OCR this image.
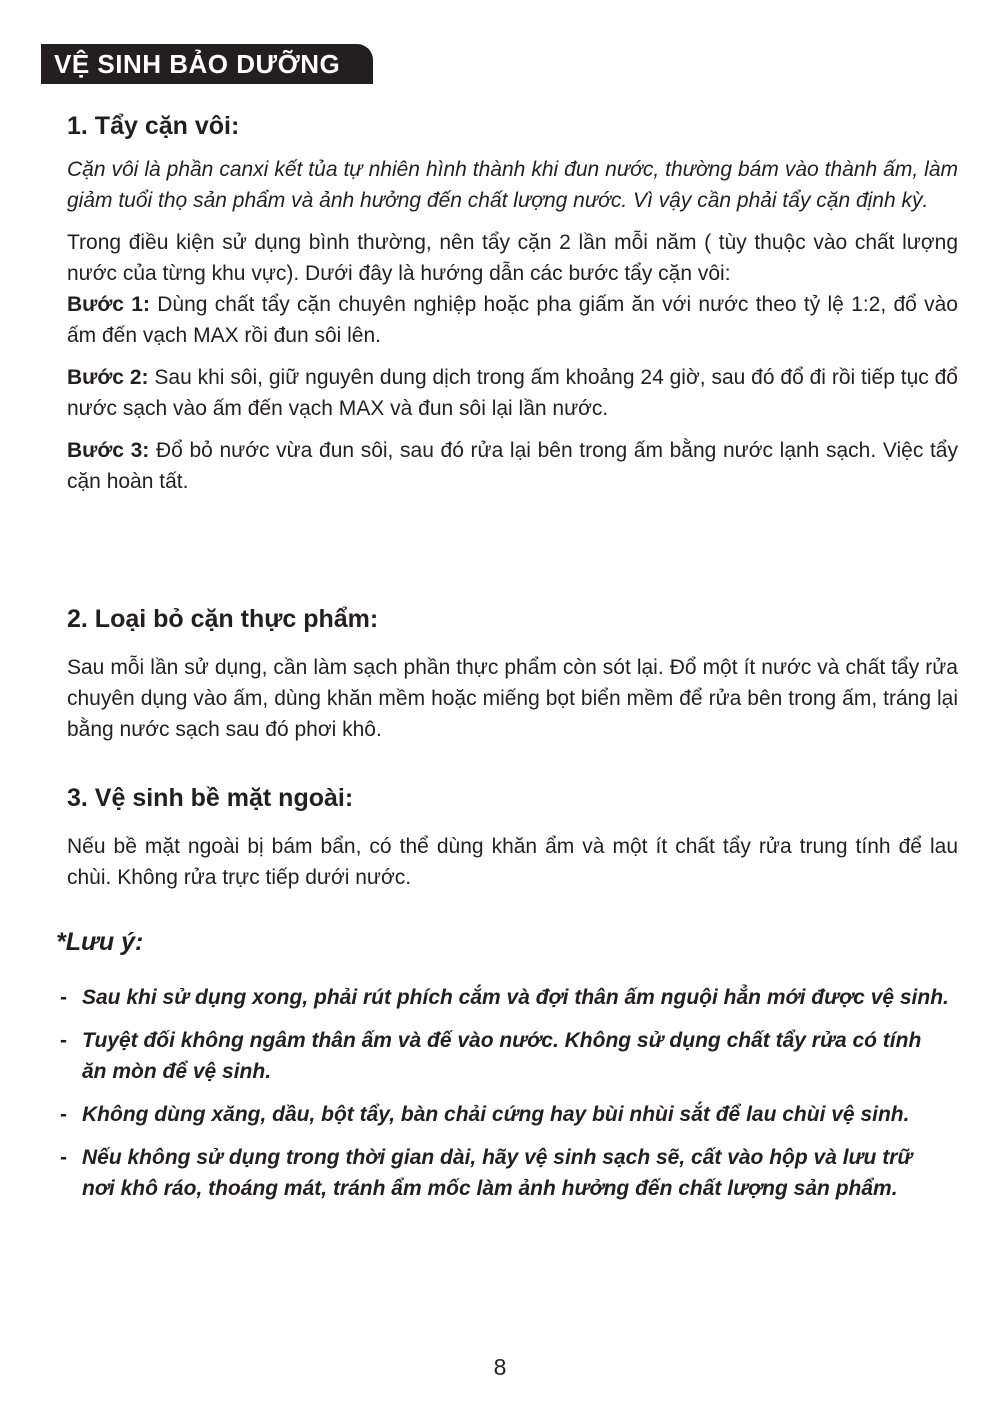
VỆ SINH BẢO DƯỠNG
1. Tẩy cặn vôi:

Cặn vôi là phần canxi kết tủa tự nhiên hình thành khi đun nước, thường bám vào thành ấm, làm giảm tuổi thọ sản phẩm và ảnh hưởng đến chất lượng nước. Vì vậy cần phải tẩy cặn định kỳ.

Trong điều kiện sử dụng bình thường, nên tẩy cặn 2 lần mỗi năm ( tùy thuộc vào chất lượng nước của từng khu vực). Dưới đây là hướng dẫn các bước tẩy cặn vôi:

Bước 1: Dùng chất tẩy cặn chuyên nghiệp hoặc pha giấm ăn với nước theo tỷ lệ 1:2, đổ vào ấm đến vạch MAX rồi đun sôi lên.

Bước 2: Sau khi sôi, giữ nguyên dung dịch trong ấm khoảng 24 giờ, sau đó đổ đi rồi tiếp tục đổ nước sạch vào ấm đến vạch MAX và đun sôi lại lần nước.

Bước 3: Đổ bỏ nước vừa đun sôi, sau đó rửa lại bên trong ấm bằng nước lạnh sạch. Việc tẩy cặn hoàn tất.

2. Loại bỏ cặn thực phẩm:

Sau mỗi lần sử dụng, cần làm sạch phần thực phẩm còn sót lại. Đổ một ít nước và chất tẩy rửa chuyên dụng vào ấm, dùng khăn mềm hoặc miếng bọt biển mềm để rửa bên trong ấm, tráng lại bằng nước sạch sau đó phơi khô.

3. Vệ sinh bề mặt ngoài:

Nếu bề mặt ngoài bị bám bẩn, có thể dùng khăn ẩm và một ít chất tẩy rửa trung tính để lau chùi. Không rửa trực tiếp dưới nước.

*Lưu ý:
- Sau khi sử dụng xong, phải rút phích cắm và đợi thân ấm nguội hẳn mới được vệ sinh.
- Tuyệt đối không ngâm thân ấm và đế vào nước. Không sử dụng chất tẩy rửa có tính ăn mòn để vệ sinh.
- Không dùng xăng, dầu, bột tẩy, bàn chải cứng hay bùi nhùi sắt để lau chùi vệ sinh.
- Nếu không sử dụng trong thời gian dài, hãy vệ sinh sạch sẽ, cất vào hộp và lưu trữ nơi khô ráo, thoáng mát, tránh ẩm mốc làm ảnh hưởng đến chất lượng sản phẩm.
8
